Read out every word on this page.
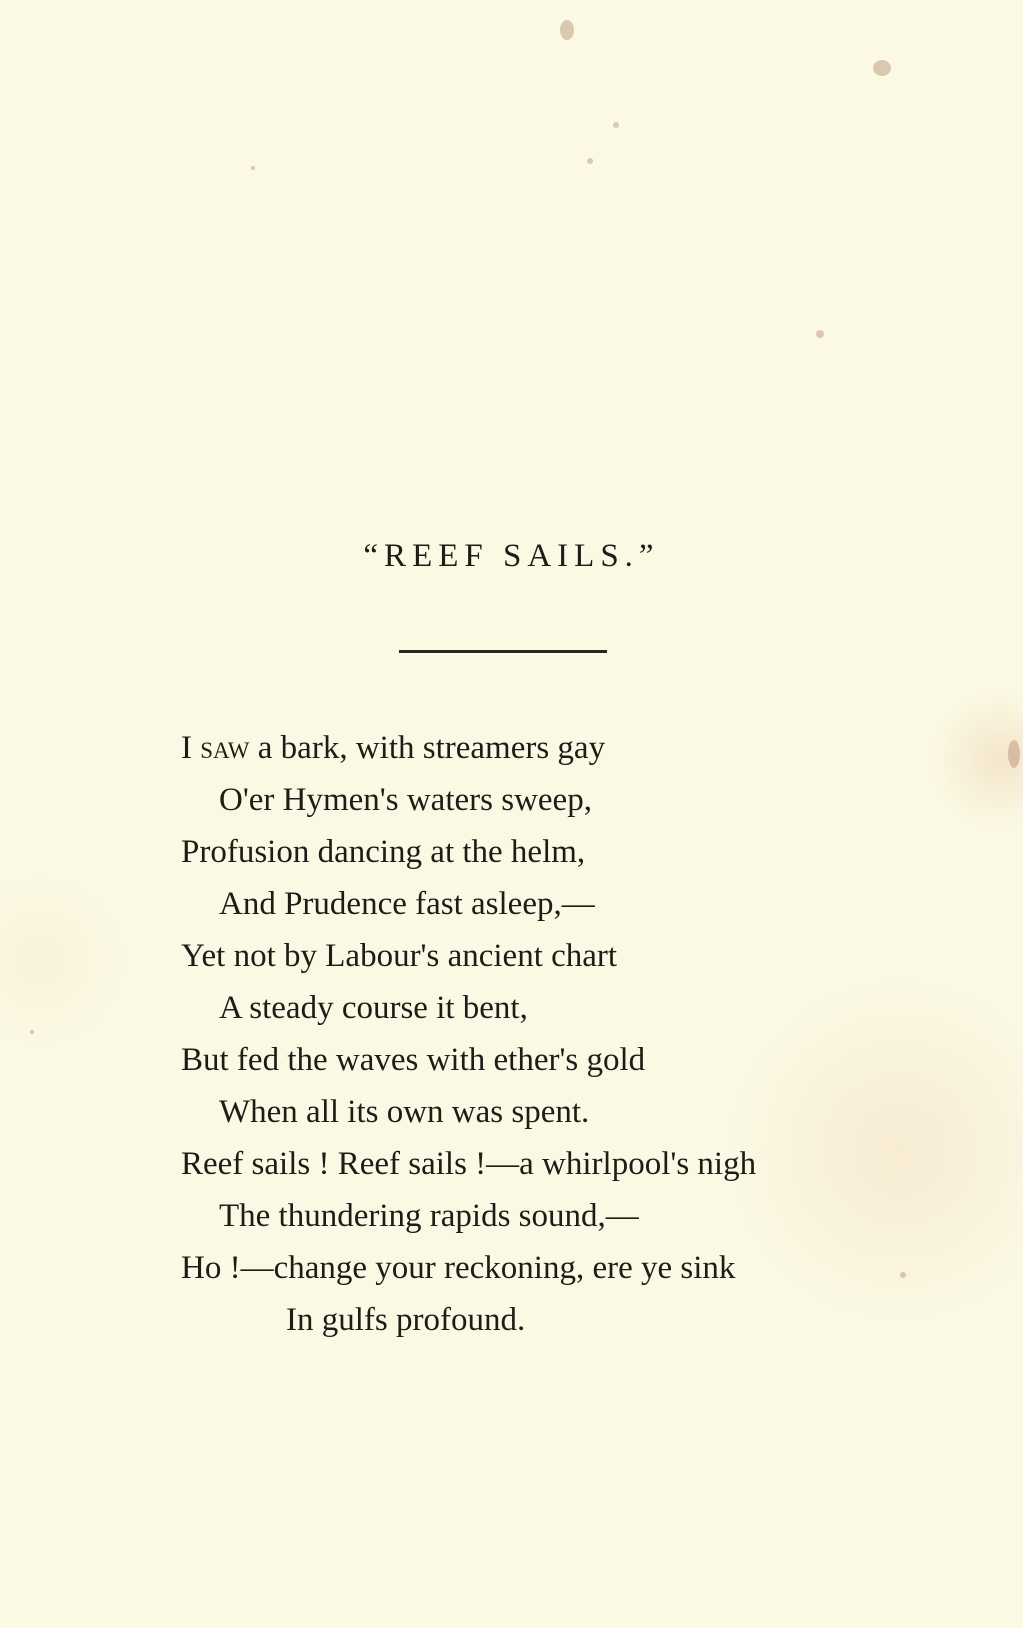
“REEF SAILS.”
I saw a bark, with streamers gay
O'er Hymen's waters sweep,
Profusion dancing at the helm,
And Prudence fast asleep,—
Yet not by Labour's ancient chart
A steady course it bent,
But fed the waves with ether's gold
When all its own was spent.
Reef sails ! Reef sails !—a whirlpool's nigh
The thundering rapids sound,—
Ho !—change your reckoning, ere ye sink
In gulfs profound.
